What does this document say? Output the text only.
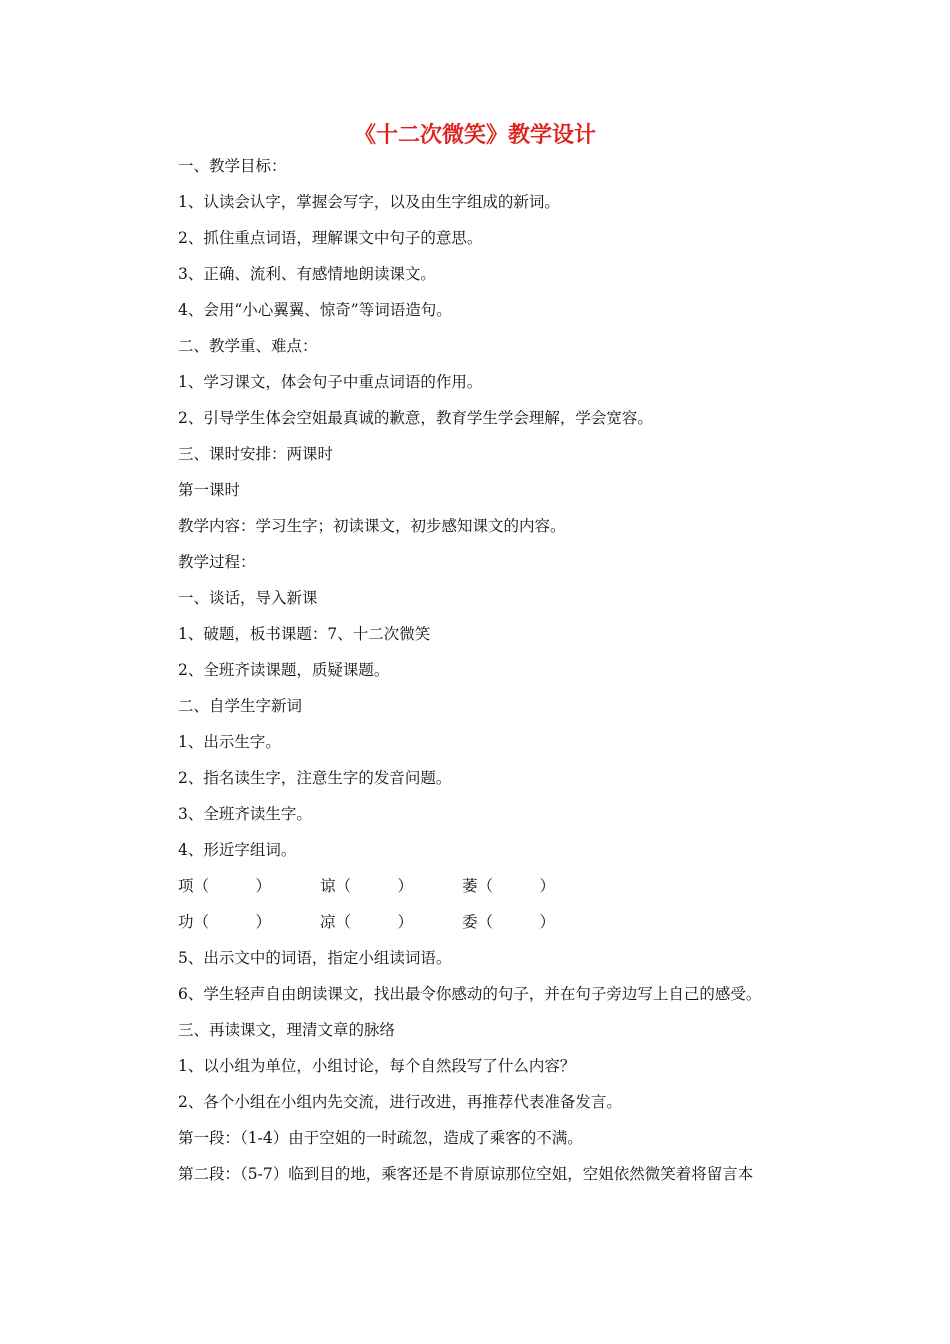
《十二次微笑》教学设计
一、教学目标：
1、认读会认字，掌握会写字，以及由生字组成的新词。
2、抓住重点词语，理解课文中句子的意思。
3、正确、流利、有感情地朗读课文。
4、会用“小心翼翼、惊奇”等词语造句。
二、教学重、难点：
1、学习课文，体会句子中重点词语的作用。
2、引导学生体会空姐最真诚的歉意，教育学生学会理解，学会宽容。
三、课时安排：两课时
第一课时
教学内容：学习生字；初读课文，初步感知课文的内容。
教学过程：
一、谈话，导入新课
1、破题，板书课题：7、十二次微笑
2、全班齐读课题，质疑课题。
二、自学生字新词
1、出示生字。
2、指名读生字，注意生字的发音问题。
3、全班齐读生字。
4、形近字组词。
项（　　　）	谅（　　　）	萎（　　　）
功（　　　）	凉（　　　）	委（　　　）
5、出示文中的词语，指定小组读词语。
6、学生轻声自由朗读课文，找出最令你感动的句子，并在句子旁边写上自己的感受。
三、再读课文，理清文章的脉络
1、以小组为单位，小组讨论，每个自然段写了什么内容？
2、各个小组在小组内先交流，进行改进，再推荐代表准备发言。
第一段：（1-4）由于空姐的一时疏忽，造成了乘客的不满。
第二段：（5-7）临到目的地，乘客还是不肯原谅那位空姐，空姐依然微笑着将留言本
